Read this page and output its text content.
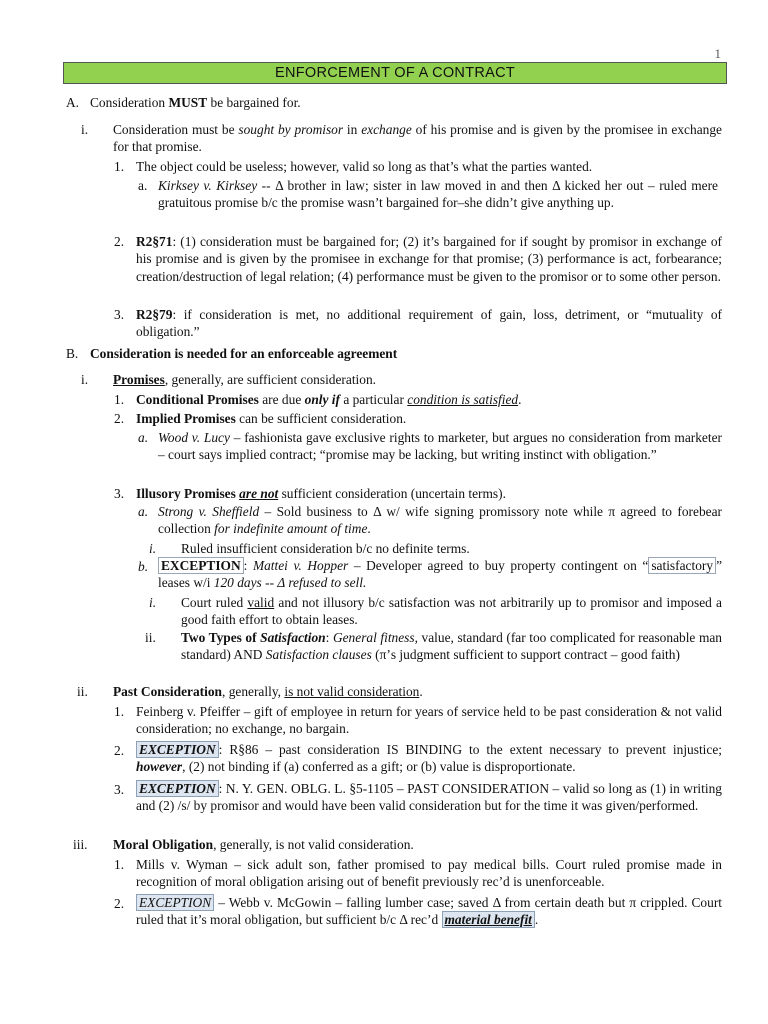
1
ENFORCEMENT OF A CONTRACT
A. Consideration MUST be bargained for.
i. Consideration must be sought by promisor in exchange of his promise and is given by the promisee in exchange for that promise.
1. The object could be useless; however, valid so long as that’s what the parties wanted.
a. Kirksey v. Kirksey -- Δ brother in law; sister in law moved in and then Δ kicked her out – ruled mere gratuitous promise b/c the promise wasn’t bargained for–she didn’t give anything up.
2. R2§71: (1) consideration must be bargained for; (2) it’s bargained for if sought by promisor in exchange of his promise and is given by the promisee in exchange for that promise; (3) performance is act, forbearance; creation/destruction of legal relation; (4) performance must be given to the promisor or to some other person.
3. R2§79: if consideration is met, no additional requirement of gain, loss, detriment, or “mutuality of obligation.”
B. Consideration is needed for an enforceable agreement
i. Promises, generally, are sufficient consideration.
1. Conditional Promises are due only if a particular condition is satisfied.
2. Implied Promises can be sufficient consideration.
a. Wood v. Lucy – fashionista gave exclusive rights to marketer, but argues no consideration from marketer – court says implied contract; “promise may be lacking, but writing instinct with obligation.”
3. Illusory Promises are not sufficient consideration (uncertain terms).
a. Strong v. Sheffield – Sold business to Δ w/ wife signing promissory note while π agreed to forebear collection for indefinite amount of time.
i. Ruled insufficient consideration b/c no definite terms.
b. EXCEPTION : Mattei v. Hopper – Developer agreed to buy property contingent on “ satisfactory ” leases w/i 120 days -- Δ refused to sell.
i. Court ruled valid and not illusory b/c satisfaction was not arbitrarily up to promisor and imposed a good faith effort to obtain leases.
ii. Two Types of Satisfaction: General fitness, value, standard (far too complicated for reasonable man standard) AND Satisfaction clauses (π’s judgment sufficient to support contract – good faith)
ii. Past Consideration, generally, is not valid consideration.
1. Feinberg v. Pfeiffer – gift of employee in return for years of service held to be past consideration & not valid consideration; no exchange, no bargain.
2. EXCEPTION : R§86 – past consideration IS BINDING to the extent necessary to prevent injustice; however, (2) not binding if (a) conferred as a gift; or (b) value is disproportionate.
3. EXCEPTION : N. Y. GEN. OBLG. L. §5-1105 – PAST CONSIDERATION – valid so long as (1) in writing and (2) /s/ by promisor and would have been valid consideration but for the time it was given/performed.
iii. Moral Obligation, generally, is not valid consideration.
1. Mills v. Wyman – sick adult son, father promised to pay medical bills. Court ruled promise made in recognition of moral obligation arising out of benefit previously rec’d is unenforceable.
2. EXCEPTION – Webb v. McGowin – falling lumber case; saved Δ from certain death but π crippled. Court ruled that it’s moral obligation, but sufficient b/c Δ rec’d material benefit .
